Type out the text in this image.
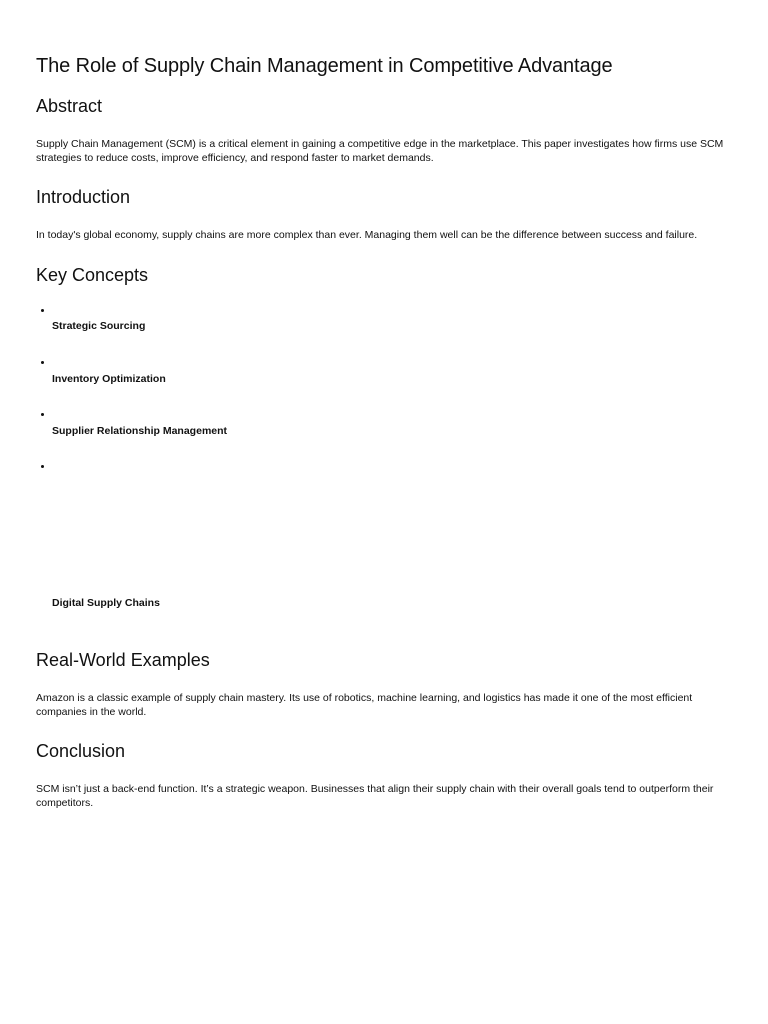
The Role of Supply Chain Management in Competitive Advantage
Abstract

Supply Chain Management (SCM) is a critical element in gaining a competitive edge in the marketplace. This paper investigates how firms use SCM strategies to reduce costs, improve efficiency, and respond faster to market demands.

Introduction

In today's global economy, supply chains are more complex than ever. Managing them well can be the difference between success and failure.

Key Concepts

Strategic Sourcing

Inventory Optimization

Supplier Relationship Management

Digital Supply Chains

Real-World Examples

Amazon is a classic example of supply chain mastery. Its use of robotics, machine learning, and logistics has made it one of the most efficient companies in the world.

Conclusion

SCM isn’t just a back-end function. It’s a strategic weapon. Businesses that align their supply chain with their overall goals tend to outperform their competitors.
